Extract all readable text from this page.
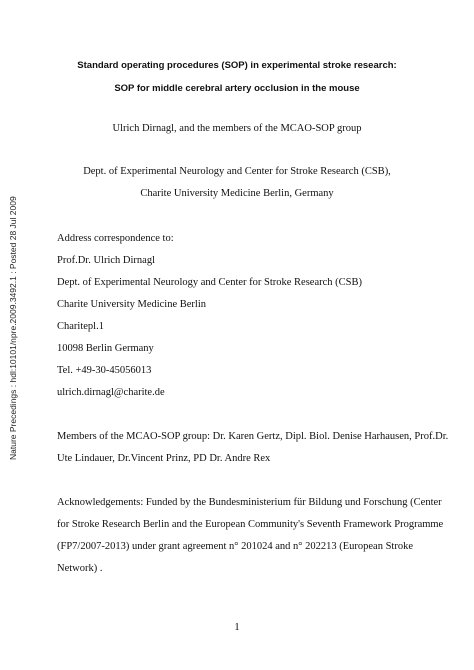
Nature Precedings : hdl:10101/npre.2009.3492.1 : Posted 28 Jul 2009
Standard operating procedures (SOP) in experimental stroke research:
SOP for middle cerebral artery occlusion in the mouse
Ulrich Dirnagl, and the members of the MCAO-SOP group
Dept. of Experimental Neurology and Center for Stroke Research (CSB),
Charite University Medicine Berlin, Germany
Address correspondence to:
Prof.Dr. Ulrich Dirnagl
Dept. of Experimental Neurology and Center for Stroke Research (CSB)
Charite University Medicine Berlin
Charitepl.1
10098 Berlin Germany
Tel. +49-30-45056013
ulrich.dirnagl@charite.de
Members of the MCAO-SOP group: Dr. Karen Gertz, Dipl. Biol. Denise Harhausen, Prof.Dr.
Ute Lindauer, Dr.Vincent Prinz, PD Dr. Andre Rex
Acknowledgements: Funded by the Bundesministerium für Bildung und Forschung (Center
for Stroke Research Berlin and the European Community's Seventh Framework Programme
(FP7/2007-2013) under grant agreement n° 201024 and n° 202213 (European Stroke
Network) .
1
